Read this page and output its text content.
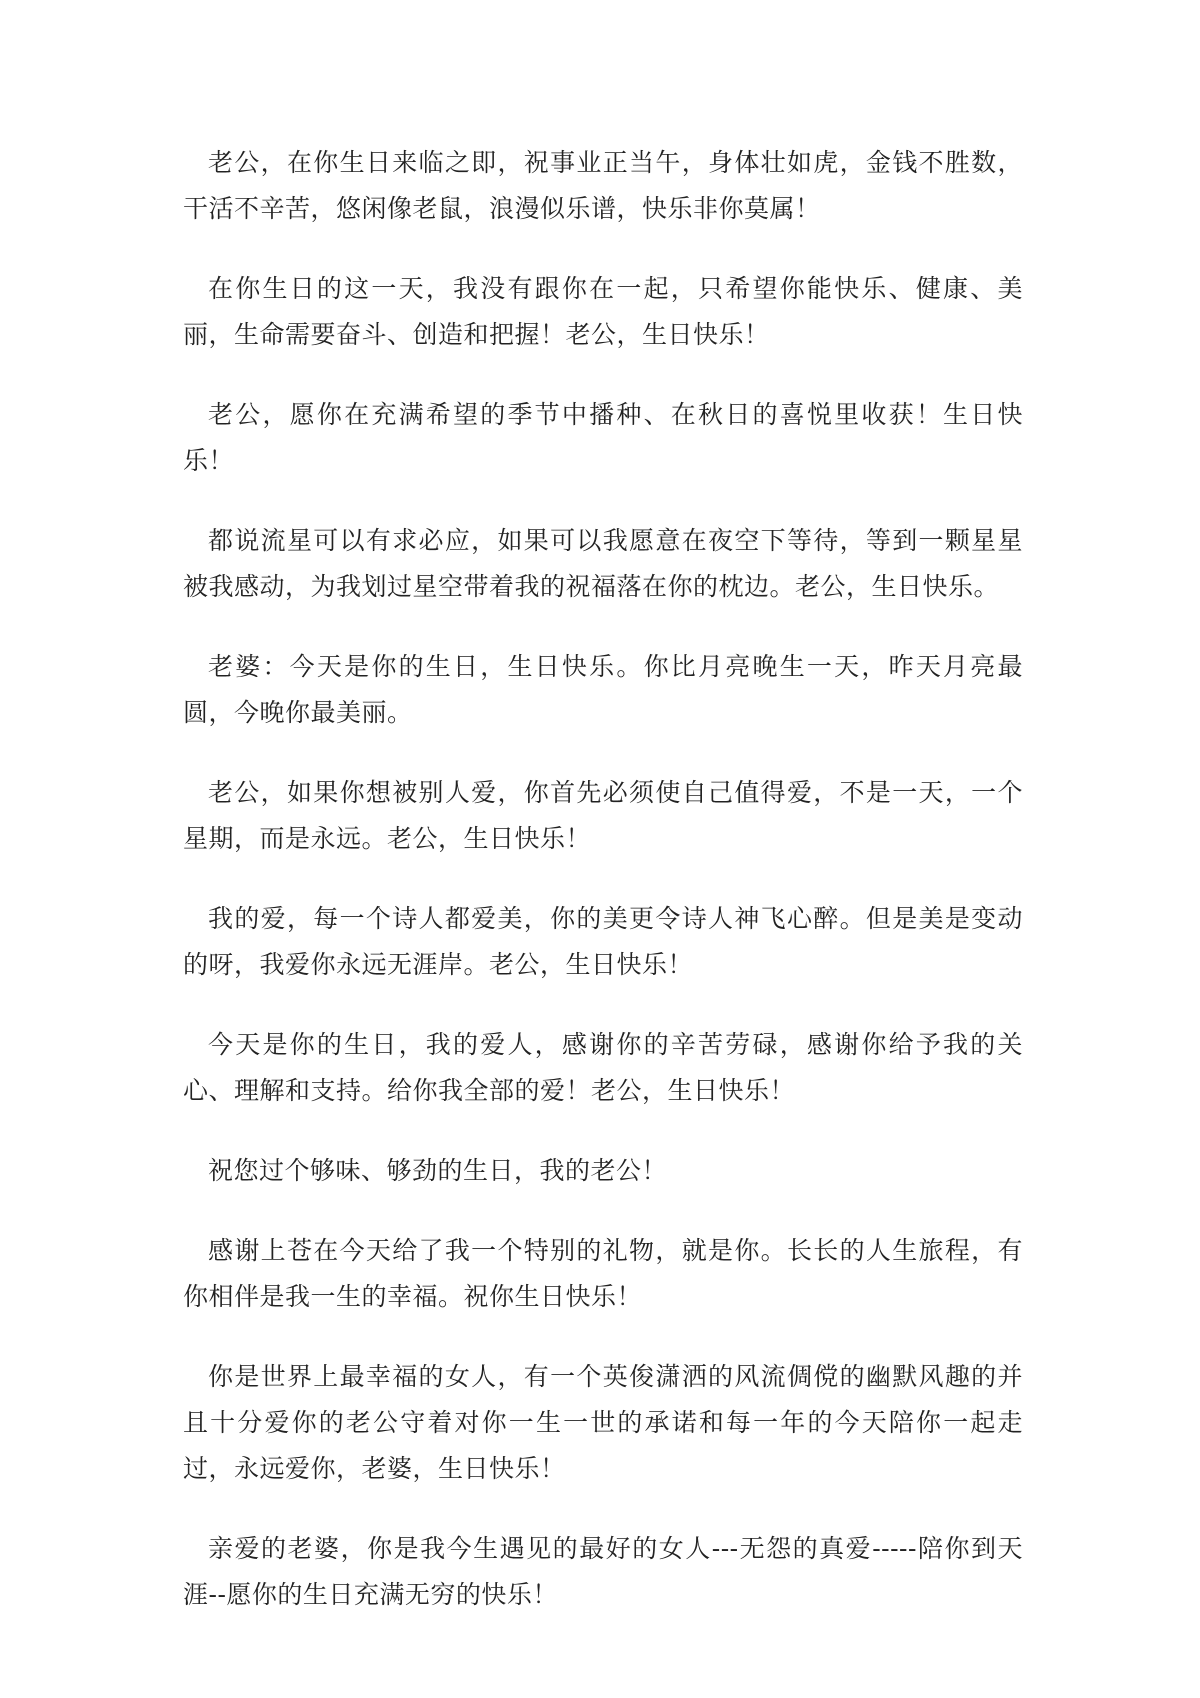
老公，在你生日来临之即，祝事业正当午，身体壮如虎，金钱不胜数，干活不辛苦，悠闲像老鼠，浪漫似乐谱，快乐非你莫属！

在你生日的这一天，我没有跟你在一起，只希望你能快乐、健康、美丽，生命需要奋斗、创造和把握！老公，生日快乐！

老公，愿你在充满希望的季节中播种、在秋日的喜悦里收获！生日快乐！

都说流星可以有求必应，如果可以我愿意在夜空下等待，等到一颗星星被我感动，为我划过星空带着我的祝福落在你的枕边。老公，生日快乐。

老婆：今天是你的生日，生日快乐。你比月亮晚生一天，昨天月亮最圆，今晚你最美丽。

老公，如果你想被别人爱，你首先必须使自己值得爱，不是一天，一个星期，而是永远。老公，生日快乐！

我的爱，每一个诗人都爱美，你的美更令诗人神飞心醉。但是美是变动的呀，我爱你永远无涯岸。老公，生日快乐！

今天是你的生日，我的爱人，感谢你的辛苦劳碌，感谢你给予我的关心、理解和支持。给你我全部的爱！老公，生日快乐！

祝您过个够味、够劲的生日，我的老公！

感谢上苍在今天给了我一个特别的礼物，就是你。长长的人生旅程，有你相伴是我一生的幸福。祝你生日快乐！

你是世界上最幸福的女人，有一个英俊潇洒的风流倜傥的幽默风趣的并且十分爱你的老公守着对你一生一世的承诺和每一年的今天陪你一起走过，永远爱你，老婆，生日快乐！

亲爱的老婆，你是我今生遇见的最好的女人---无怨的真爱-----陪你到天涯--愿你的生日充满无穷的快乐！
